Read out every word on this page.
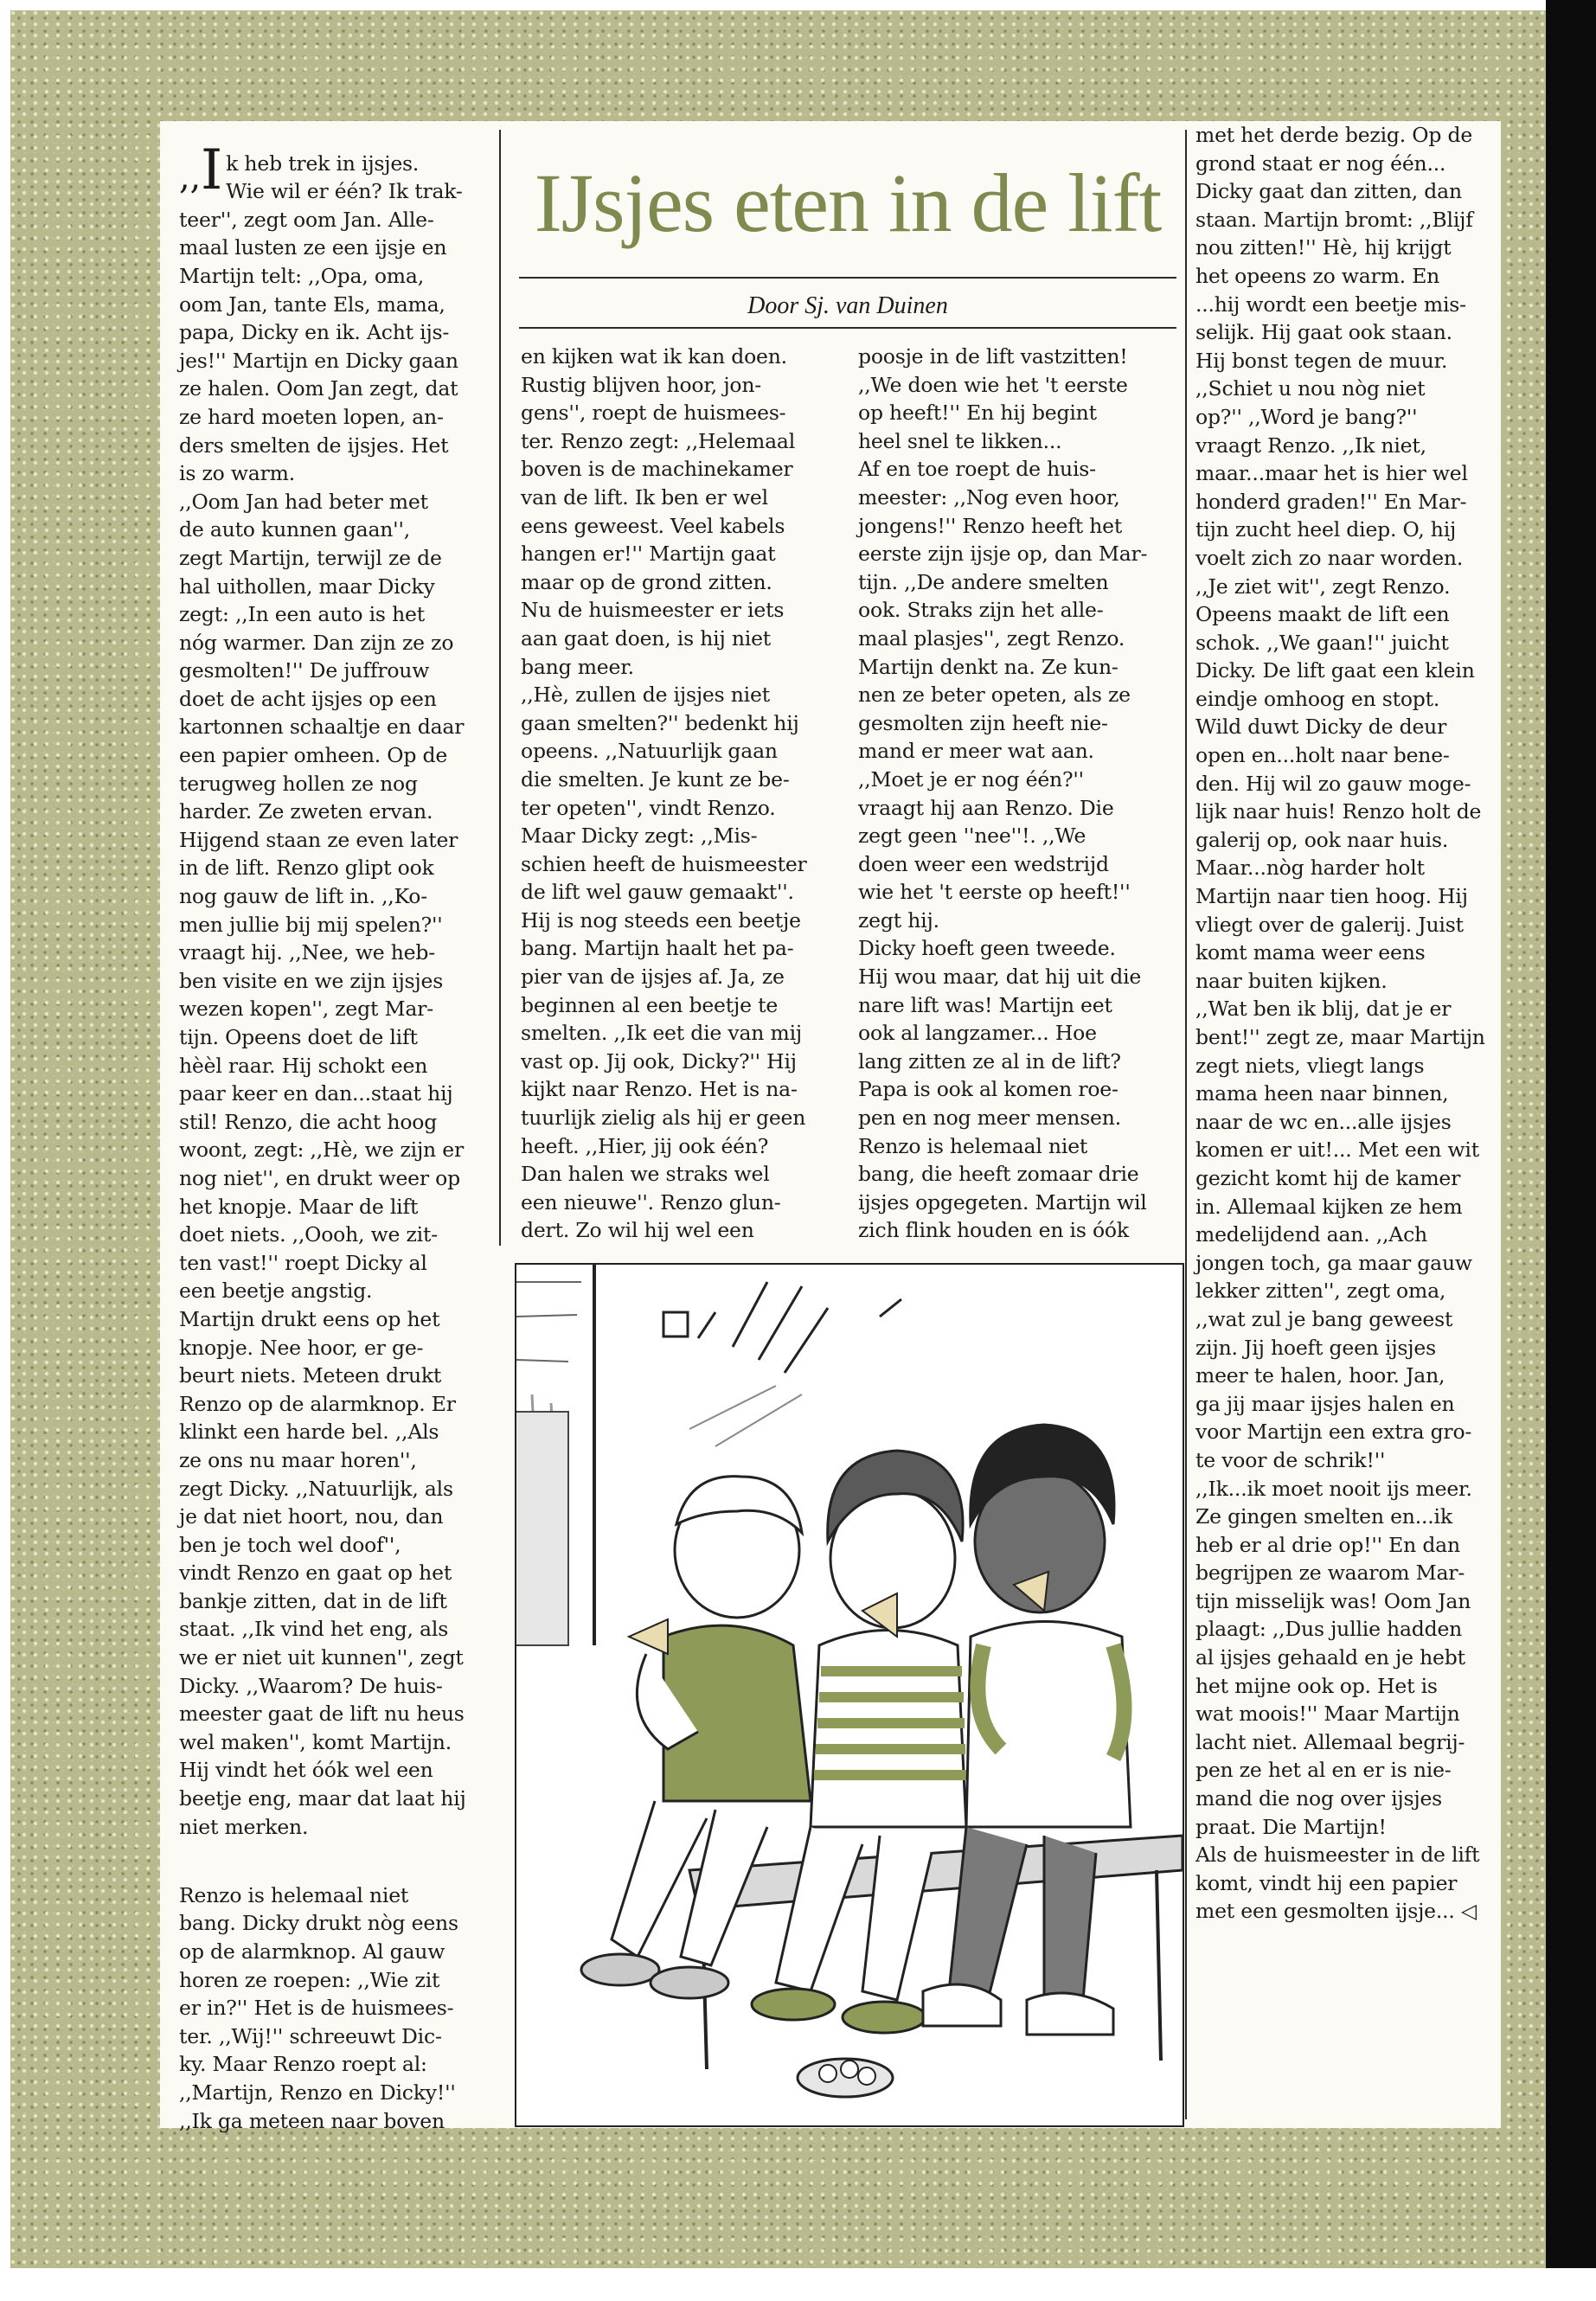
,,I k heb trek in ijsjes.
Wie wil er één? Ik trak-
teer'', zegt oom Jan. Alle-
maal lusten ze een ijsje en
Martijn telt: ,,Opa, oma,
oom Jan, tante Els, mama,
papa, Dicky en ik. Acht ijs-
jes!'' Martijn en Dicky gaan
ze halen. Oom Jan zegt, dat
ze hard moeten lopen, an-
ders smelten de ijsjes. Het
is zo warm.
,,Oom Jan had beter met
de auto kunnen gaan'',
zegt Martijn, terwijl ze de
hal uithollen, maar Dicky
zegt: ,,In een auto is het
nóg warmer. Dan zijn ze zo
gesmolten!'' De juffrouw
doet de acht ijsjes op een
kartonnen schaaltje en daar
een papier omheen. Op de
terugweg hollen ze nog
harder. Ze zweten ervan.
Hijgend staan ze even later
in de lift. Renzo glipt ook
nog gauw de lift in. ,,Ko-
men jullie bij mij spelen?''
vraagt hij. ,,Nee, we heb-
ben visite en we zijn ijsjes
wezen kopen'', zegt Mar-
tijn. Opeens doet de lift
hèèl raar. Hij schokt een
paar keer en dan...staat hij
stil! Renzo, die acht hoog
woont, zegt: ,,Hè, we zijn er
nog niet'', en drukt weer op
het knopje. Maar de lift
doet niets. ,,Oooh, we zit-
ten vast!'' roept Dicky al
een beetje angstig.
Martijn drukt eens op het
knopje. Nee hoor, er ge-
beurt niets. Meteen drukt
Renzo op de alarmknop. Er
klinkt een harde bel. ,,Als
ze ons nu maar horen'',
zegt Dicky. ,,Natuurlijk, als
je dat niet hoort, nou, dan
ben je toch wel doof'',
vindt Renzo en gaat op het
bankje zitten, dat in de lift
staat. ,,Ik vind het eng, als
we er niet uit kunnen'', zegt
Dicky. ,,Waarom? De huis-
meester gaat de lift nu heus
wel maken'', komt Martijn.
Hij vindt het óók wel een
beetje eng, maar dat laat hij
niet merken.

Renzo is helemaal niet
bang. Dicky drukt nòg eens
op de alarmknop. Al gauw
horen ze roepen: ,,Wie zit
er in?'' Het is de huismees-
ter. ,,Wij!'' schreeuwt Dic-
ky. Maar Renzo roept al:
,,Martijn, Renzo en Dicky!''
,,Ik ga meteen naar boven

IJsjes eten in de lift
Door Sj. van Duinen
en kijken wat ik kan doen.
Rustig blijven hoor, jon-
gens'', roept de huismees-
ter. Renzo zegt: ,,Helemaal
boven is de machinekamer
van de lift. Ik ben er wel
eens geweest. Veel kabels
hangen er!'' Martijn gaat
maar op de grond zitten.
Nu de huismeester er iets
aan gaat doen, is hij niet
bang meer.
,,Hè, zullen de ijsjes niet
gaan smelten?'' bedenkt hij
opeens. ,,Natuurlijk gaan
die smelten. Je kunt ze be-
ter opeten'', vindt Renzo.
Maar Dicky zegt: ,,Mis-
schien heeft de huismeester
de lift wel gauw gemaakt''.
Hij is nog steeds een beetje
bang. Martijn haalt het pa-
pier van de ijsjes af. Ja, ze
beginnen al een beetje te
smelten. ,,Ik eet die van mij
vast op. Jij ook, Dicky?'' Hij
kijkt naar Renzo. Het is na-
tuurlijk zielig als hij er geen
heeft. ,,Hier, jij ook één?
Dan halen we straks wel
een nieuwe''. Renzo glun-
dert. Zo wil hij wel een
poosje in de lift vastzitten!
,,We doen wie het 't eerste
op heeft!'' En hij begint
heel snel te likken...
Af en toe roept de huis-
meester: ,,Nog even hoor,
jongens!'' Renzo heeft het
eerste zijn ijsje op, dan Mar-
tijn. ,,De andere smelten
ook. Straks zijn het alle-
maal plasjes'', zegt Renzo.
Martijn denkt na. Ze kun-
nen ze beter opeten, als ze
gesmolten zijn heeft nie-
mand er meer wat aan.
,,Moet je er nog één?''
vraagt hij aan Renzo. Die
zegt geen ''nee''!. ,,We
doen weer een wedstrijd
wie het 't eerste op heeft!''
zegt hij.
Dicky hoeft geen tweede.
Hij wou maar, dat hij uit die
nare lift was! Martijn eet
ook al langzamer... Hoe
lang zitten ze al in de lift?
Papa is ook al komen roe-
pen en nog meer mensen.
Renzo is helemaal niet
bang, die heeft zomaar drie
ijsjes opgegeten. Martijn wil
zich flink houden en is óók
met het derde bezig. Op de
grond staat er nog één...
Dicky gaat dan zitten, dan
staan. Martijn bromt: ,,Blijf
nou zitten!'' Hè, hij krijgt
het opeens zo warm. En
...hij wordt een beetje mis-
selijk. Hij gaat ook staan.
Hij bonst tegen de muur.
,,Schiet u nou nòg niet
op?'' ,,Word je bang?''
vraagt Renzo. ,,Ik niet,
maar...maar het is hier wel
honderd graden!'' En Mar-
tijn zucht heel diep. O, hij
voelt zich zo naar worden.
,,Je ziet wit'', zegt Renzo.
Opeens maakt de lift een
schok. ,,We gaan!'' juicht
Dicky. De lift gaat een klein
eindje omhoog en stopt.
Wild duwt Dicky de deur
open en...holt naar bene-
den. Hij wil zo gauw moge-
lijk naar huis! Renzo holt de
galerij op, ook naar huis.
Maar...nòg harder holt
Martijn naar tien hoog. Hij
vliegt over de galerij. Juist
komt mama weer eens
naar buiten kijken.
,,Wat ben ik blij, dat je er
bent!'' zegt ze, maar Martijn
zegt niets, vliegt langs
mama heen naar binnen,
naar de wc en...alle ijsjes
komen er uit!... Met een wit
gezicht komt hij de kamer
in. Allemaal kijken ze hem
medelijdend aan. ,,Ach
jongen toch, ga maar gauw
lekker zitten'', zegt oma,
,,wat zul je bang geweest
zijn. Jij hoeft geen ijsjes
meer te halen, hoor. Jan,
ga jij maar ijsjes halen en
voor Martijn een extra gro-
te voor de schrik!''
,,Ik...ik moet nooit ijs meer.
Ze gingen smelten en...ik
heb er al drie op!'' En dan
begrijpen ze waarom Mar-
tijn misselijk was! Oom Jan
plaagt: ,,Dus jullie hadden
al ijsjes gehaald en je hebt
het mijne ook op. Het is
wat moois!'' Maar Martijn
lacht niet. Allemaal begrij-
pen ze het al en er is nie-
mand die nog over ijsjes
praat. Die Martijn!
Als de huismeester in de lift
komt, vindt hij een papier
met een gesmolten ijsje... ◁
